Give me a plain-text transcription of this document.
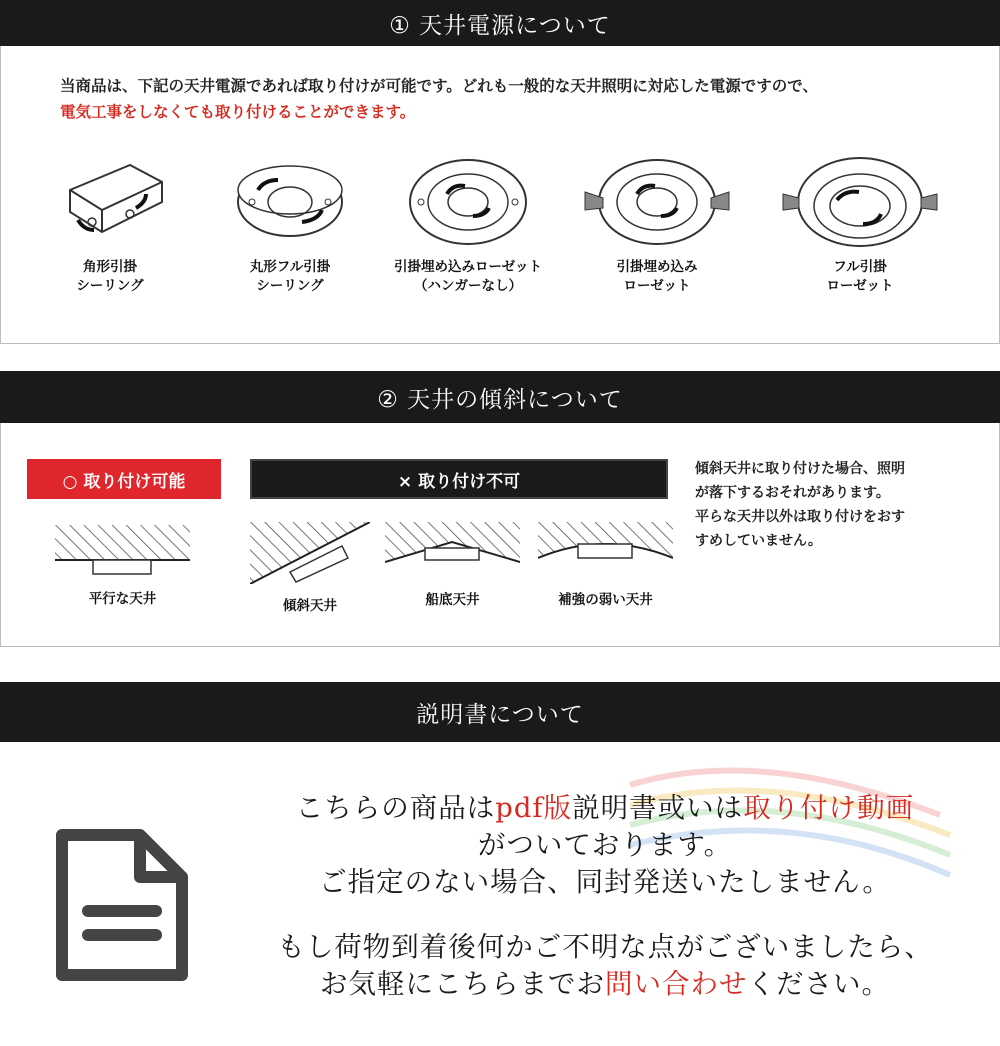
① 天井電源について
当商品は、下記の天井電源であれば取り付けが可能です。どれも一般的な天井照明に対応した電源ですので、
電気工事をしなくても取り付けることができます。
角形引掛
シーリング
丸形フル引掛
シーリング
引掛埋め込みローゼット
（ハンガーなし）
引掛埋め込み
ローゼット
フル引掛
ローゼット
② 天井の傾斜について
○ 取り付け可能	× 取り付け不可
平行な天井	傾斜天井	船底天井	補強の弱い天井
傾斜天井に取り付けた場合、照明
が落下するおそれがあります。
平らな天井以外は取り付けをおす
すめしていません。
説明書について
こちらの商品はpdf版説明書或いは取り付け動画
がついております。
ご指定のない場合、同封発送いたしません。
もし荷物到着後何かご不明な点がございましたら、
お気軽にこちらまでお問い合わせください。
